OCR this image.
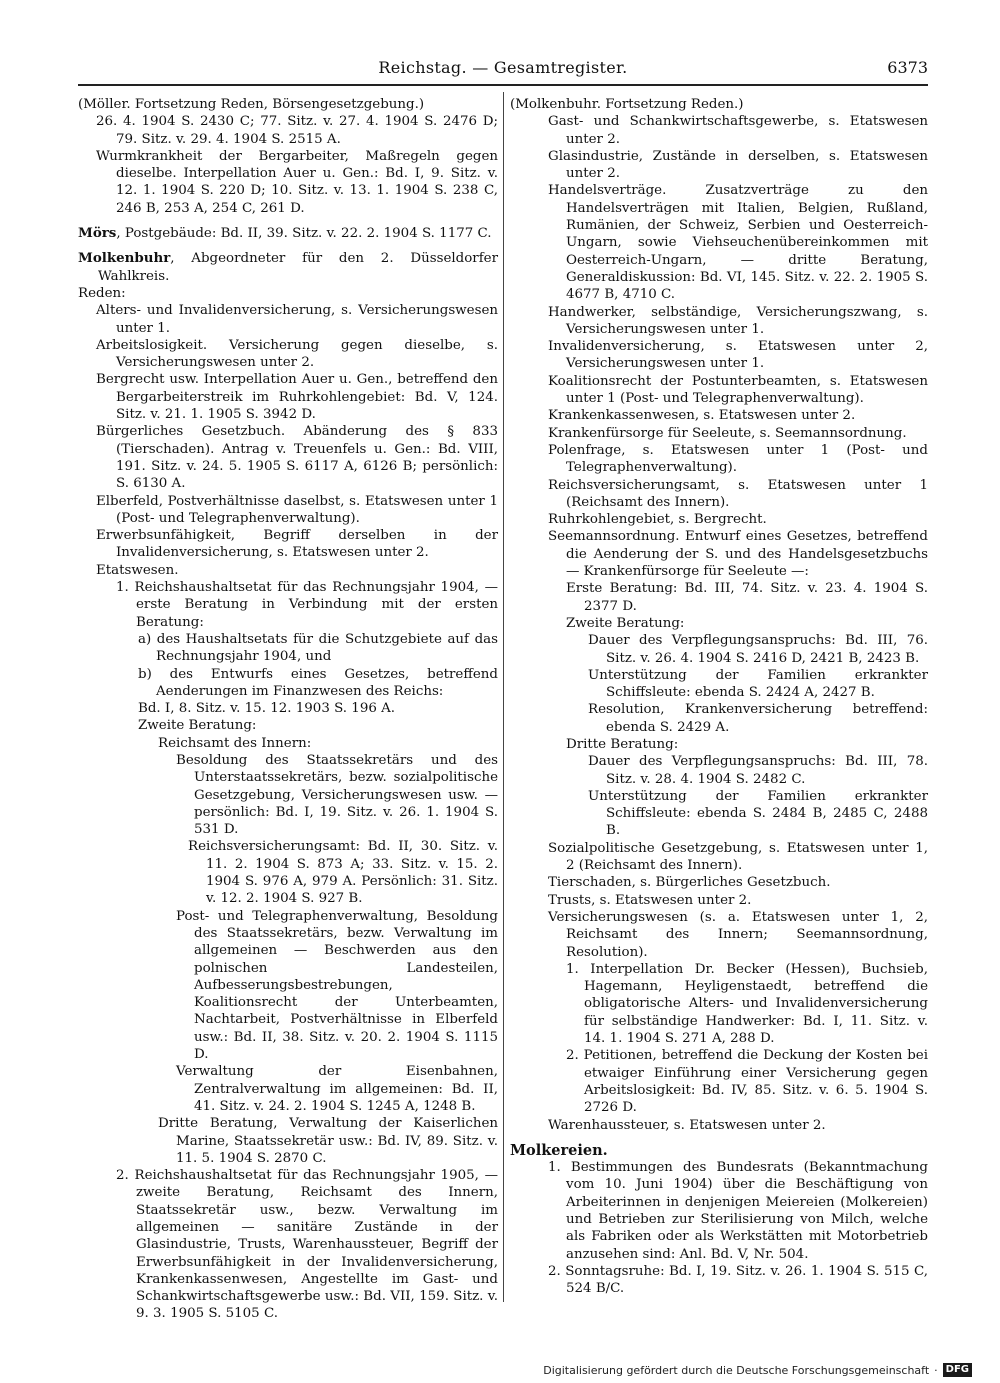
Reichstag. — Gesamtregister.	6373

(Möller. Fortsetzung Reden, Börsengesetzgebung.)

26. 4. 1904 S. 2430 C; 77. Sitz. v. 27. 4. 1904 S. 2476 D; 79. Sitz. v. 29. 4. 1904 S. 2515 A.

Wurmkrankheit der Bergarbeiter, Maßregeln gegen dieselbe. Interpellation Auer u. Gen.: Bd. I, 9. Sitz. v. 12. 1. 1904 S. 220 D; 10. Sitz. v. 13. 1. 1904 S. 238 C, 246 B, 253 A, 254 C, 261 D.

Mörs, Postgebäude: Bd. II, 39. Sitz. v. 22. 2. 1904 S. 1177 C.

Molkenbuhr, Abgeordneter für den 2. Düsseldorfer Wahlkreis.

Reden:

Alters- und Invalidenversicherung, s. Versicherungswesen unter 1.

Arbeitslosigkeit. Versicherung gegen dieselbe, s. Versicherungswesen unter 2.

Bergrecht usw. Interpellation Auer u. Gen., betreffend den Bergarbeiterstreik im Ruhrkohlengebiet: Bd. V, 124. Sitz. v. 21. 1. 1905 S. 3942 D.

Bürgerliches Gesetzbuch. Abänderung des § 833 (Tierschaden). Antrag v. Treuenfels u. Gen.: Bd. VIII, 191. Sitz. v. 24. 5. 1905 S. 6117 A, 6126 B; persönlich: S. 6130 A.

Elberfeld, Postverhältnisse daselbst, s. Etatswesen unter 1 (Post- und Telegraphenverwaltung).

Erwerbsunfähigkeit, Begriff derselben in der Invalidenversicherung, s. Etatswesen unter 2.

Etatswesen.

1. Reichshaushaltsetat für das Rechnungsjahr 1904, — erste Beratung in Verbindung mit der ersten Beratung:

a) des Haushaltsetats für die Schutzgebiete auf das Rechnungsjahr 1904, und

b) des Entwurfs eines Gesetzes, betreffend Aenderungen im Finanzwesen des Reichs:

Bd. I, 8. Sitz. v. 15. 12. 1903 S. 196 A.

Zweite Beratung:

Reichsamt des Innern:

Besoldung des Staatssekretärs und des Unterstaatssekretärs, bezw. sozialpolitische Gesetzgebung, Versicherungswesen usw. — persönlich: Bd. I, 19. Sitz. v. 26. 1. 1904 S. 531 D.

Reichsversicherungsamt: Bd. II, 30. Sitz. v. 11. 2. 1904 S. 873 A; 33. Sitz. v. 15. 2. 1904 S. 976 A, 979 A. Persönlich: 31. Sitz. v. 12. 2. 1904 S. 927 B.

Post- und Telegraphenverwaltung, Besoldung des Staatssekretärs, bezw. Verwaltung im allgemeinen — Beschwerden aus den polnischen Landesteilen, Aufbesserungsbestrebungen, Koalitionsrecht der Unterbeamten, Nachtarbeit, Postverhältnisse in Elberfeld usw.: Bd. II, 38. Sitz. v. 20. 2. 1904 S. 1115 D.

Verwaltung der Eisenbahnen, Zentralverwaltung im allgemeinen: Bd. II, 41. Sitz. v. 24. 2. 1904 S. 1245 A, 1248 B.

Dritte Beratung, Verwaltung der Kaiserlichen Marine, Staatssekretär usw.: Bd. IV, 89. Sitz. v. 11. 5. 1904 S. 2870 C.

2. Reichshaushaltsetat für das Rechnungsjahr 1905, — zweite Beratung, Reichsamt des Innern, Staatssekretär usw., bezw. Verwaltung im allgemeinen — sanitäre Zustände in der Glasindustrie, Trusts, Warenhaussteuer, Begriff der Erwerbsunfähigkeit in der Invalidenversicherung, Krankenkassenwesen, Angestellte im Gast- und Schankwirtschaftsgewerbe usw.: Bd. VII, 159. Sitz. v. 9. 3. 1905 S. 5105 C.

(Molkenbuhr. Fortsetzung Reden.)

Gast- und Schankwirtschaftsgewerbe, s. Etatswesen unter 2.

Glasindustrie, Zustände in derselben, s. Etatswesen unter 2.

Handelsverträge. Zusatzverträge zu den Handelsverträgen mit Italien, Belgien, Rußland, Rumänien, der Schweiz, Serbien und Oesterreich-Ungarn, sowie Viehseuchenübereinkommen mit Oesterreich-Ungarn, — dritte Beratung, Generaldiskussion: Bd. VI, 145. Sitz. v. 22. 2. 1905 S. 4677 B, 4710 C.

Handwerker, selbständige, Versicherungszwang, s. Versicherungswesen unter 1.

Invalidenversicherung, s. Etatswesen unter 2, Versicherungswesen unter 1.

Koalitionsrecht der Postunterbeamten, s. Etatswesen unter 1 (Post- und Telegraphenverwaltung).

Krankenkassenwesen, s. Etatswesen unter 2.

Krankenfürsorge für Seeleute, s. Seemannsordnung.

Polenfrage, s. Etatswesen unter 1 (Post- und Telegraphenverwaltung).

Reichsversicherungsamt, s. Etatswesen unter 1 (Reichsamt des Innern).

Ruhrkohlengebiet, s. Bergrecht.

Seemannsordnung. Entwurf eines Gesetzes, betreffend die Aenderung der S. und des Handelsgesetzbuchs — Krankenfürsorge für Seeleute —:

Erste Beratung: Bd. III, 74. Sitz. v. 23. 4. 1904 S. 2377 D.

Zweite Beratung:

Dauer des Verpflegungsanspruchs: Bd. III, 76. Sitz. v. 26. 4. 1904 S. 2416 D, 2421 B, 2423 B.

Unterstützung der Familien erkrankter Schiffsleute: ebenda S. 2424 A, 2427 B.

Resolution, Krankenversicherung betreffend: ebenda S. 2429 A.

Dritte Beratung:

Dauer des Verpflegungsanspruchs: Bd. III, 78. Sitz. v. 28. 4. 1904 S. 2482 C.

Unterstützung der Familien erkrankter Schiffsleute: ebenda S. 2484 B, 2485 C, 2488 B.

Sozialpolitische Gesetzgebung, s. Etatswesen unter 1, 2 (Reichsamt des Innern).

Tierschaden, s. Bürgerliches Gesetzbuch.

Trusts, s. Etatswesen unter 2.

Versicherungswesen (s. a. Etatswesen unter 1, 2, Reichsamt des Innern; Seemannsordnung, Resolution).

1. Interpellation Dr. Becker (Hessen), Buchsieb, Hagemann, Heyligenstaedt, betreffend die obligatorische Alters- und Invalidenversicherung für selbständige Handwerker: Bd. I, 11. Sitz. v. 14. 1. 1904 S. 271 A, 288 D.

2. Petitionen, betreffend die Deckung der Kosten bei etwaiger Einführung einer Versicherung gegen Arbeitslosigkeit: Bd. IV, 85. Sitz. v. 6. 5. 1904 S. 2726 D.

Warenhaussteuer, s. Etatswesen unter 2.

Molkereien.

1. Bestimmungen des Bundesrats (Bekanntmachung vom 10. Juni 1904) über die Beschäftigung von Arbeiterinnen in denjenigen Meiereien (Molkereien) und Betrieben zur Sterilisierung von Milch, welche als Fabriken oder als Werkstätten mit Motorbetrieb anzusehen sind: Anl. Bd. V, Nr. 504.

2. Sonntagsruhe: Bd. I, 19. Sitz. v. 26. 1. 1904 S. 515 C, 524 B/C.

Digitalisierung gefördert durch die Deutsche Forschungsgemeinschaft · DFG
